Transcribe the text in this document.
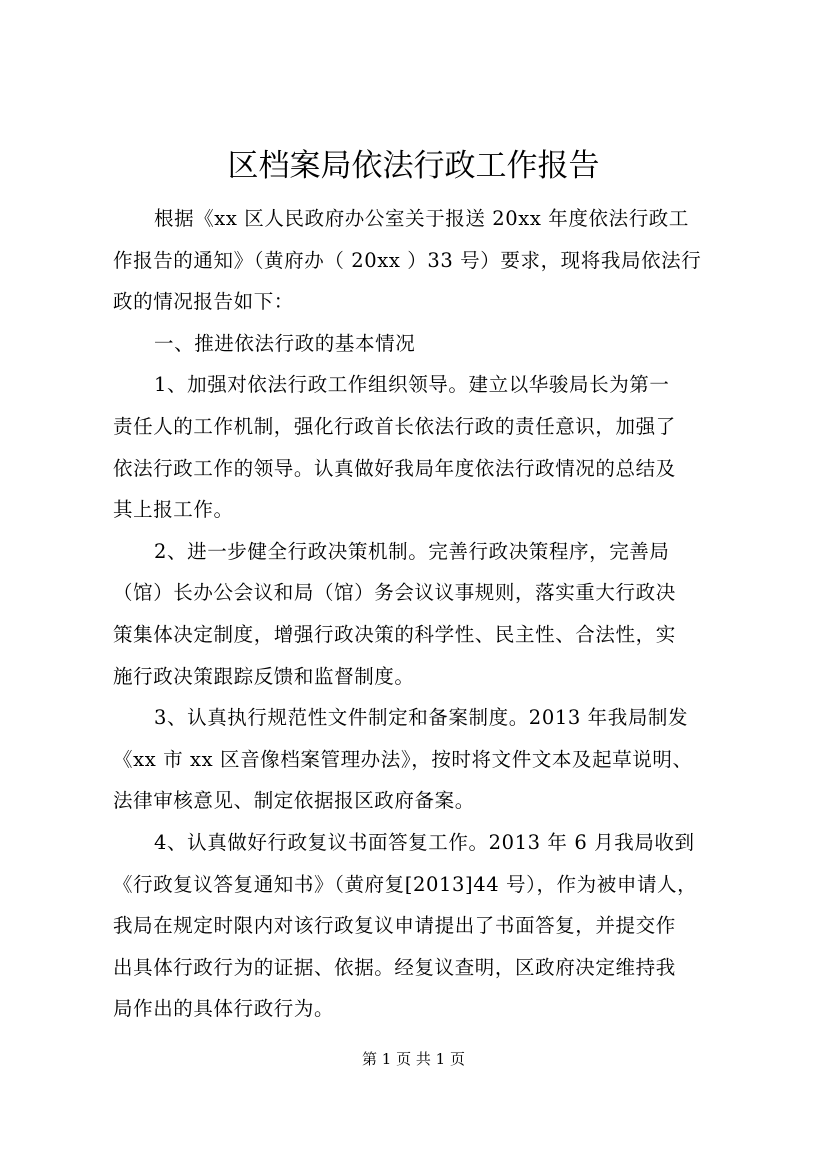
区档案局依法行政工作报告
根据《xx 区人民政府办公室关于报送 20xx 年度依法行政工
作报告的通知》（黄府办（ 20xx ）33 号）要求，现将我局依法行
政的情况报告如下：
一、推进依法行政的基本情况
1、加强对依法行政工作组织领导。建立以华骏局长为第一
责任人的工作机制，强化行政首长依法行政的责任意识，加强了
依法行政工作的领导。认真做好我局年度依法行政情况的总结及
其上报工作。
2、进一步健全行政决策机制。完善行政决策程序，完善局
（馆）长办公会议和局（馆）务会议议事规则，落实重大行政决
策集体决定制度，增强行政决策的科学性、民主性、合法性，实
施行政决策跟踪反馈和监督制度。
3、认真执行规范性文件制定和备案制度。2013 年我局制发
《xx 市 xx 区音像档案管理办法》，按时将文件文本及起草说明、
法律审核意见、制定依据报区政府备案。
4、认真做好行政复议书面答复工作。2013 年 6 月我局收到
《行政复议答复通知书》（黄府复[2013]44 号），作为被申请人，
我局在规定时限内对该行政复议申请提出了书面答复，并提交作
出具体行政行为的证据、依据。经复议查明，区政府决定维持我
局作出的具体行政行为。
第 1 页 共 1 页
